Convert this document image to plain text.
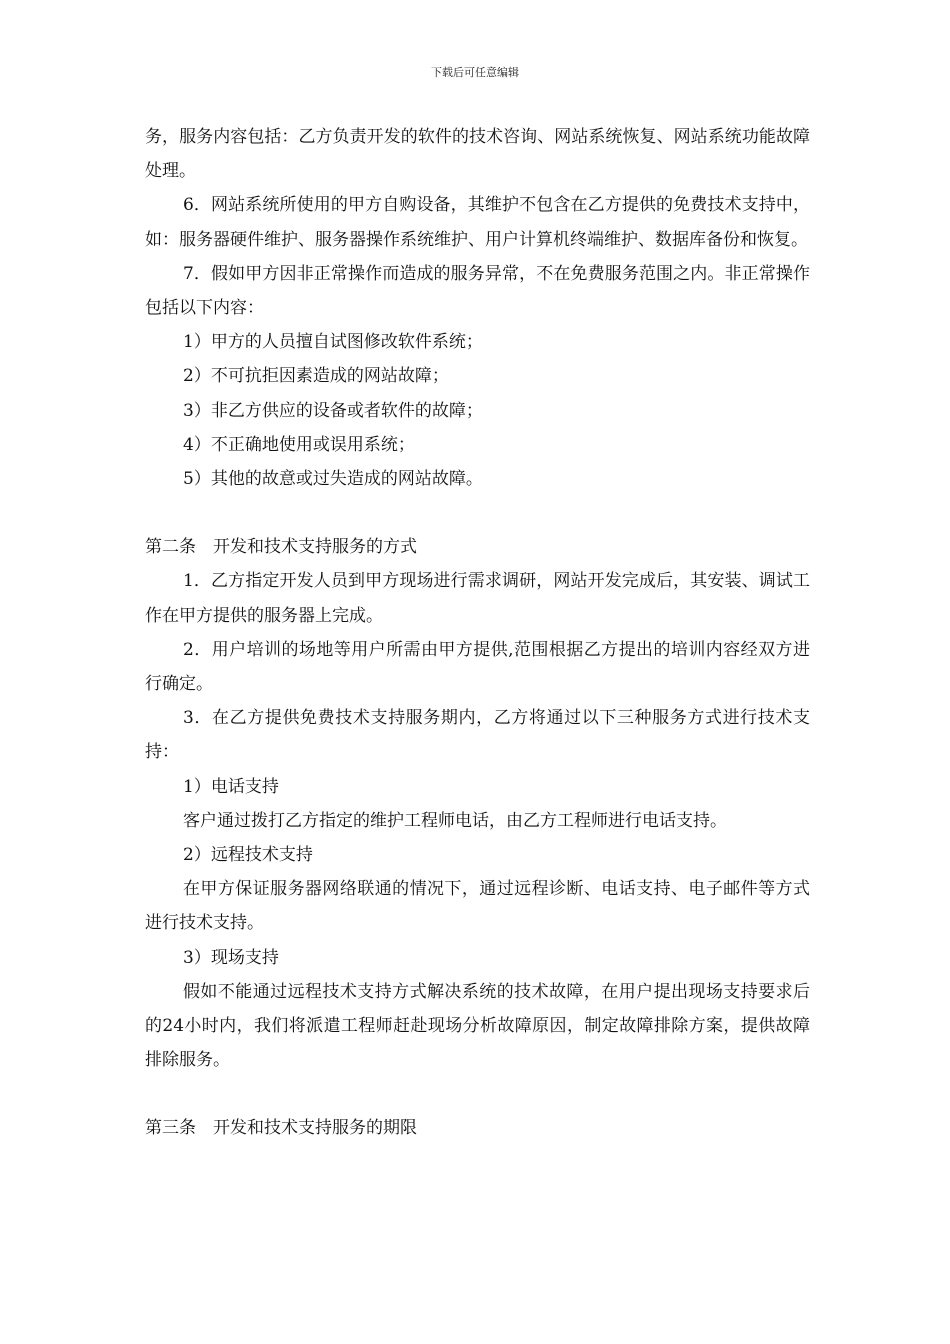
下载后可任意编辑

务，服务内容包括：乙方负责开发的软件的技术咨询、网站系统恢复、网站系统功能故障处理。

6．网站系统所使用的甲方自购设备，其维护不包含在乙方提供的免费技术支持中，如：服务器硬件维护、服务器操作系统维护、用户计算机终端维护、数据库备份和恢复。

7．假如甲方因非正常操作而造成的服务异常，不在免费服务范围之内。非正常操作包括以下内容：

1）甲方的人员擅自试图修改软件系统；

2）不可抗拒因素造成的网站故障；

3）非乙方供应的设备或者软件的故障；

4）不正确地使用或误用系统；

5）其他的故意或过失造成的网站故障。

第二条　开发和技术支持服务的方式

1．乙方指定开发人员到甲方现场进行需求调研，网站开发完成后，其安装、调试工作在甲方提供的服务器上完成。

2．用户培训的场地等用户所需由甲方提供,范围根据乙方提出的培训内容经双方进行确定。

3．在乙方提供免费技术支持服务期内，乙方将通过以下三种服务方式进行技术支持：

1）电话支持

客户通过拨打乙方指定的维护工程师电话，由乙方工程师进行电话支持。

2）远程技术支持

在甲方保证服务器网络联通的情况下，通过远程诊断、电话支持、电子邮件等方式进行技术支持。

3）现场支持

假如不能通过远程技术支持方式解决系统的技术故障，在用户提出现场支持要求后的24小时内，我们将派遣工程师赶赴现场分析故障原因，制定故障排除方案，提供故障排除服务。

第三条　开发和技术支持服务的期限
